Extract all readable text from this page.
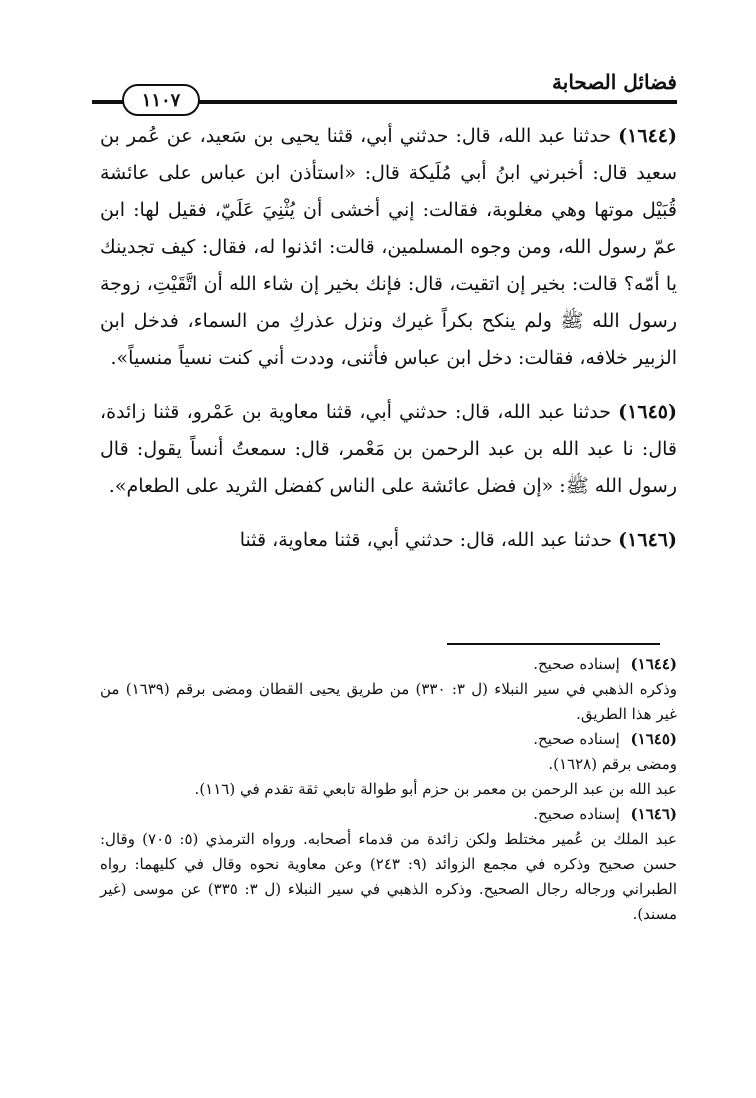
فضائل الصحابة
١١٠٧

(١٦٤٤) حدثنا عبد الله، قال: حدثني أبي، قثنا يحيى بن سَعيد، عن عُمر بن سعيد قال: أخبرني ابنُ أبي مُلَيكة قال: «استأذن ابن عباس على عائشة قُبَيْل موتها وهي مغلوبة، فقالت: إني أخشى أن يُثْنِيَ عَلَيّ، فقيل لها: ابن عمّ رسول الله، ومن وجوه المسلمين، قالت: ائذنوا له، فقال: كيف تجدينك يا أمّه؟ قالت: بخير إن اتقيت، قال: فإنك بخير إن شاء الله أن اتَّقَيْتِ، زوجة رسول الله ﷺ ولم ينكح بكراً غيرك ونزل عذركِ من السماء، فدخل ابن الزبير خلافه، فقالت: دخل ابن عباس فأثنى، وددت أني كنت نسياً منسياً».

(١٦٤٥) حدثنا عبد الله، قال: حدثني أبي، قثنا معاوية بن عَمْرو، قثنا زائدة، قال: نا عبد الله بن عبد الرحمن بن مَعْمر، قال: سمعتُ أنساً يقول: قال رسول الله ﷺ: «إن فضل عائشة على الناس كفضل الثريد على الطعام».

(١٦٤٦) حدثنا عبد الله، قال: حدثني أبي، قثنا معاوية، قثنا

(١٦٤٤) إسناده صحيح.

وذكره الذهبي في سير النبلاء (ل ٣: ٣٣٠) من طريق يحيى القطان ومضى برقم (١٦٣٩) من غير هذا الطريق.

(١٦٤٥) إسناده صحيح.

ومضى برقم (١٦٢٨).

عبد الله بن عبد الرحمن بن معمر بن حزم أبو طوالة تابعي ثقة تقدم في (١١٦).

(١٦٤٦) إسناده صحيح.

عبد الملك بن عُمير مختلط ولكن زائدة من قدماء أصحابه. ورواه الترمذي (٥: ٧٠٥) وقال: حسن صحيح وذكره في مجمع الزوائد (٩: ٢٤٣) وعن معاوية نحوه وقال في كليهما: رواه الطبراني ورجاله رجال الصحيح. وذكره الذهبي في سير النبلاء (ل ٣: ٣٣٥) عن موسى (غير مسند).
